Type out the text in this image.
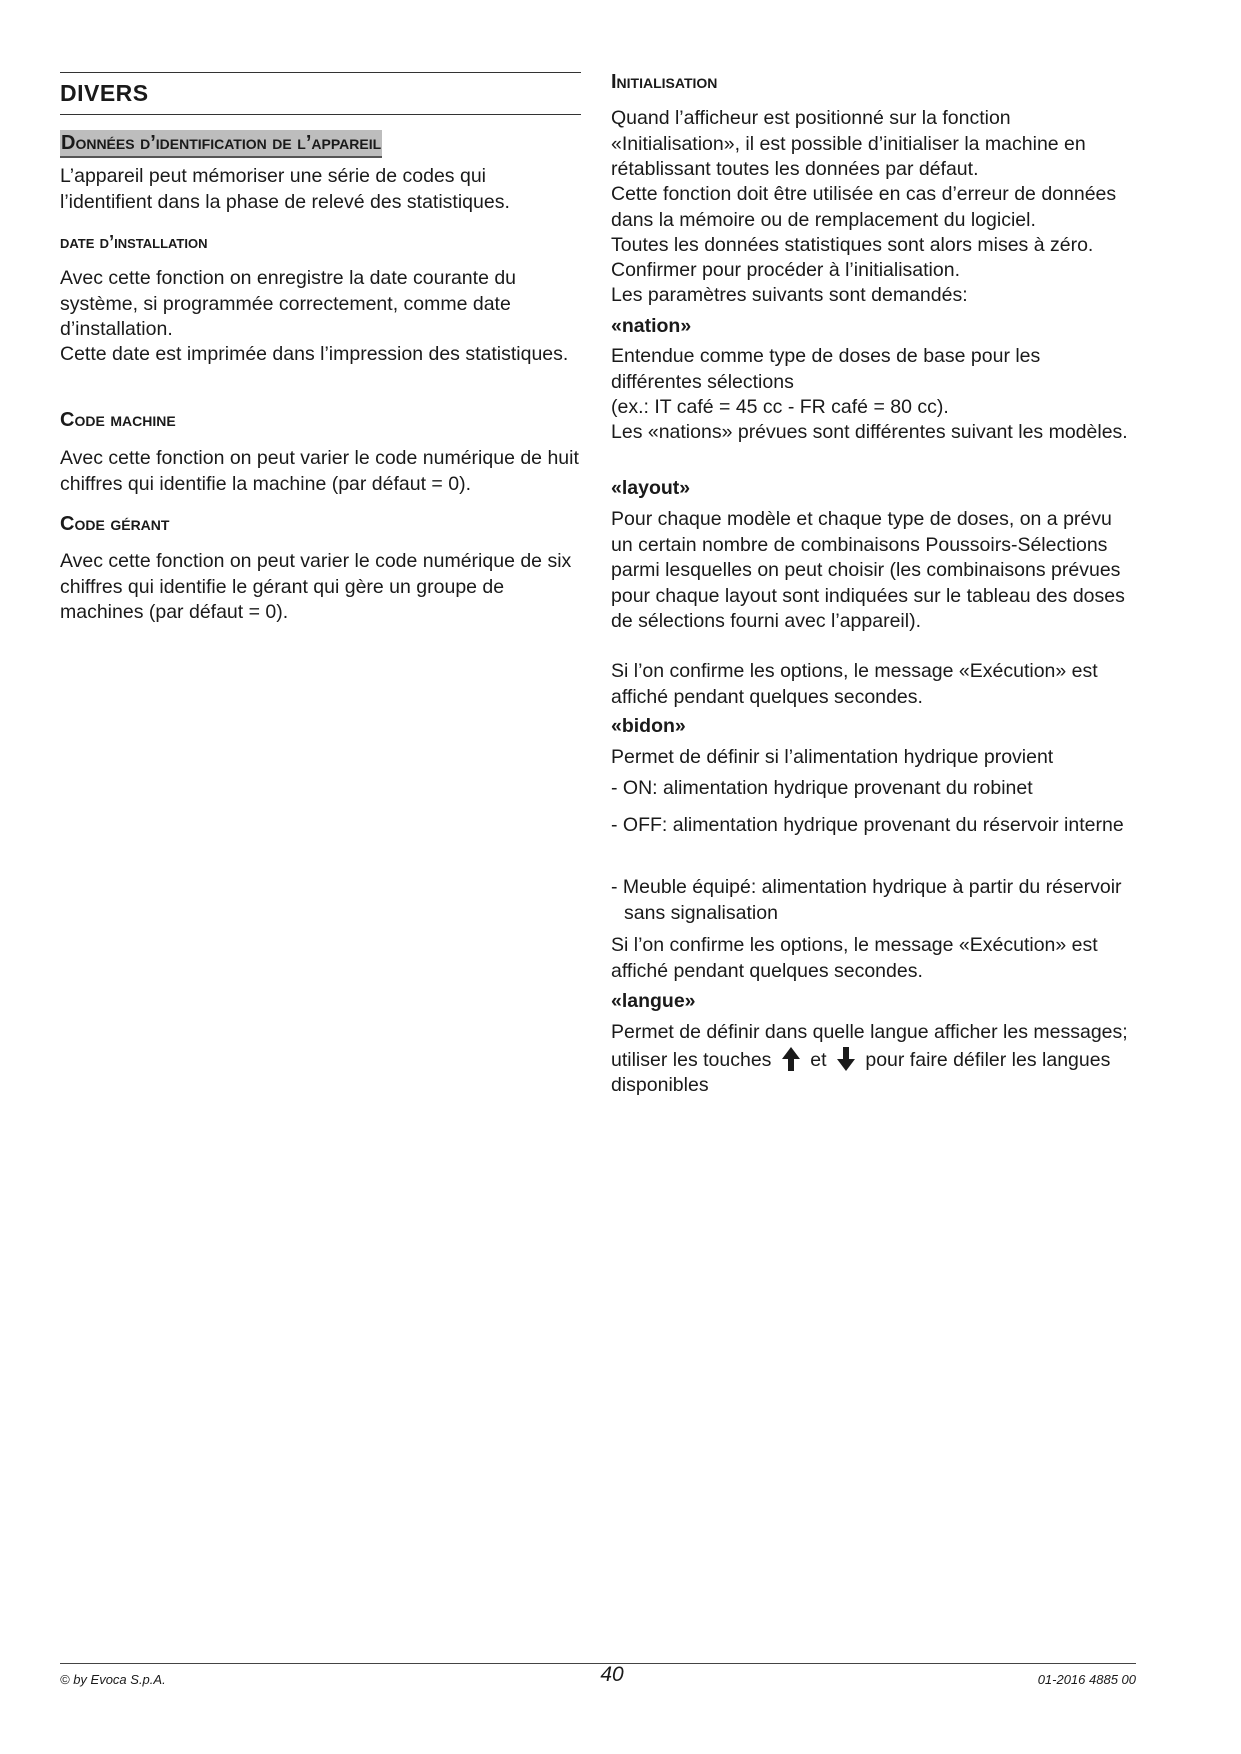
DIVERS
Données d’identification de l’appareil

L’appareil peut mémoriser une série de codes qui l’identifient dans la phase de relevé des statistiques.

date d’installation

Avec cette fonction on enregistre la date courante du système, si programmée correctement, comme date d’installation.

Cette date est imprimée dans l’impression des statistiques.

Code machine

Avec cette fonction on peut varier le code numérique de huit chiffres qui identifie la machine (par défaut = 0).

Code gérant

Avec cette fonction on peut varier le code numérique de six chiffres qui identifie le gérant qui gère un groupe de machines (par défaut = 0).

Initialisation

Quand l’afficheur est positionné sur la fonction «Initialisation», il est possible d’initialiser la machine en rétablissant toutes les données par défaut.

Cette fonction doit être utilisée en cas d’erreur de données dans la mémoire ou de remplacement du logiciel.

Toutes les données statistiques sont alors mises à zéro.

Confirmer pour procéder à l’initialisation.

Les paramètres suivants sont demandés:

«nation»

Entendue comme type de doses de base pour les différentes sélections

(ex.: IT café = 45 cc - FR café = 80 cc).

Les «nations» prévues sont différentes suivant les modèles.

«layout»

Pour chaque modèle et chaque type de doses, on a prévu un certain nombre de combinaisons Poussoirs-Sélections parmi lesquelles on peut choisir (les combinaisons prévues pour chaque layout sont indiquées sur le tableau des doses de sélections fourni avec l’appareil).

Si l’on confirme les options, le message «Exécution» est affiché pendant quelques secondes.

«bidon»

Permet de définir si l’alimentation hydrique provient

- ON: alimentation hydrique provenant du robinet
- OFF: alimentation hydrique provenant du réservoir interne
- Meuble équipé: alimentation hydrique à partir du réservoir sans signalisation

Si l’on confirme les options, le message «Exécution» est affiché pendant quelques secondes.

«langue»

Permet de définir dans quelle langue afficher les messages; utiliser les touches  et  pour faire défiler les langues disponibles

© by Evoca S.p.A.	40	01-2016 4885 00
